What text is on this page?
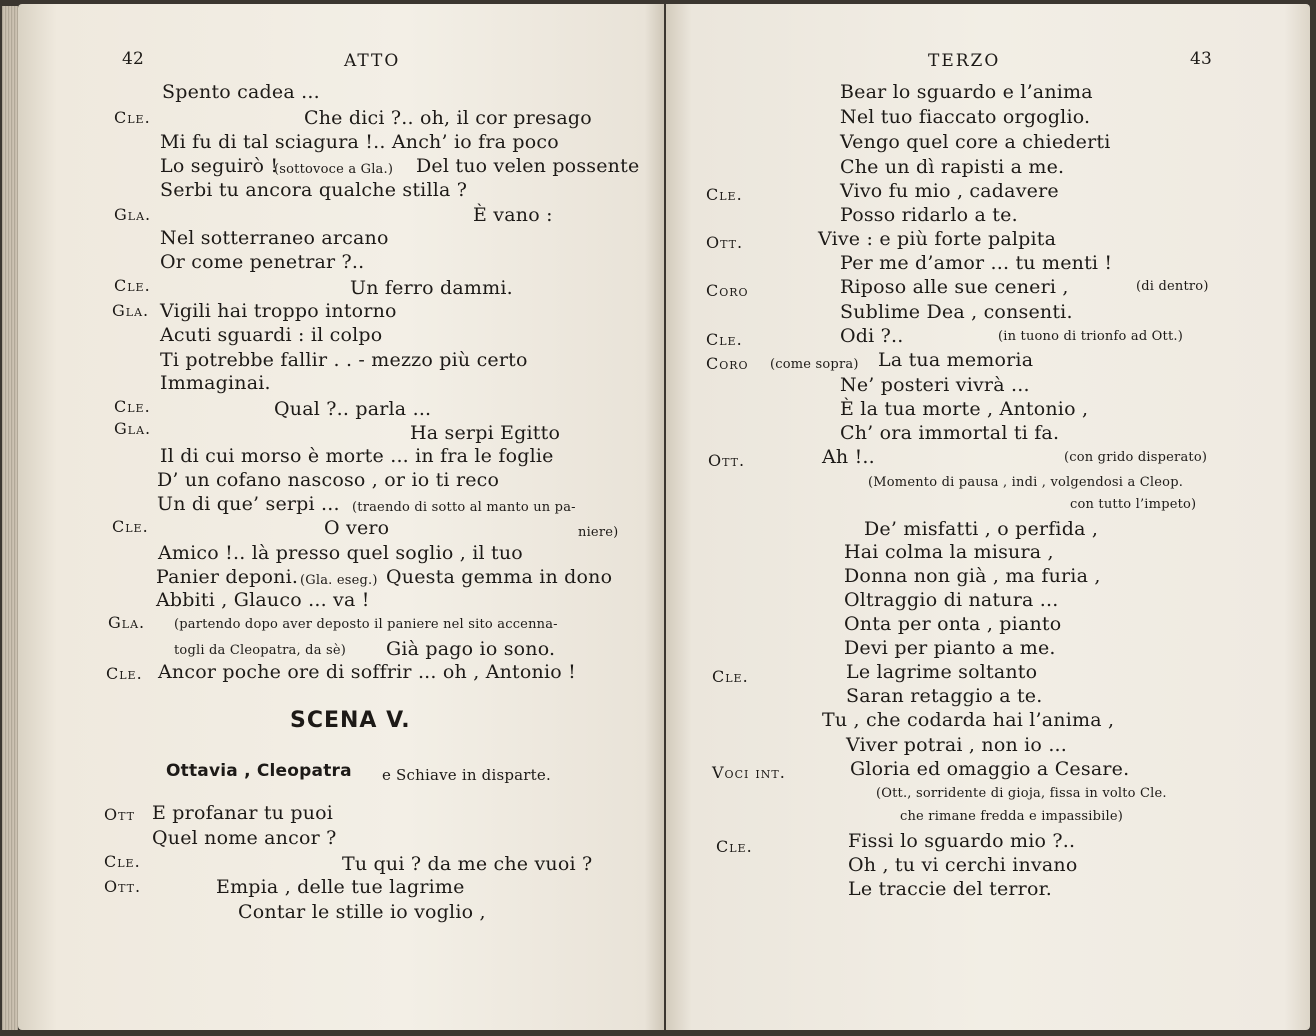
42	ATTO
Spento cadea ...
Cle.	Che dici ?.. oh, il cor presago
Mi fu di tal sciagura !.. Anch’ io fra poco
Lo seguirò !
(sottovoce a Gla.) Del tuo velen possente
Serbi tu ancora qualche stilla ?
Gla.	È vano :
Nel sotterraneo arcano
Or come penetrar ?..
Cle.	Un ferro dammi.
Gla. Vigili hai troppo intorno
Acuti sguardi : il colpo
Ti potrebbe fallir . . - mezzo più certo
Immaginai.
Cle.	Qual ?.. parla ...
Gla.	Ha serpi Egitto
Il di cui morso è morte ... in fra le foglie
D’ un cofano nascoso , or io ti reco
Un di que’ serpi ... (traendo di sotto al manto un pa-
Cle.	O vero	niere)
Amico !.. là presso quel soglio , il tuo
Panier deponi. (Gla. eseg.) Questa gemma in dono
Abbiti , Glauco ... va !
Gla. (partendo dopo aver deposto il paniere nel sito accenna-
togli da Cleopatra, da sè) Già pago io sono.
Cle. Ancor poche ore di soffrir ... oh , Antonio !
SCENA V.
Ottavia , Cleopatra e Schiave in disparte.
Ott E profanar tu puoi
Quel nome ancor ?
Cle.	Tu qui ? da me che vuoi ?
Ott.	Empia , delle tue lagrime
Contar le stille io voglio ,
TERZO	43
Bear lo sguardo e l’anima
Nel tuo fiaccato orgoglio.
Vengo quel core a chiederti
Che un dì rapisti a me.
Cle.	Vivo fu mio , cadavere
Posso ridarlo a te.
Ott.	Vive : e più forte palpita
Per me d’amor ... tu menti !
Coro	Riposo alle sue ceneri ,	(di dentro)
Sublime Dea , consenti.
Cle.	Odi ?..	(in tuono di trionfo ad Ott.)
Coro (come sopra) La tua memoria
Ne’ posteri vivrà ...
È la tua morte , Antonio ,
Ch’ ora immortal ti fa.
Ott.	Ah !..	(con grido disperato)
(Momento di pausa , indi , volgendosi a Cleop.
con tutto l’impeto)
De’ misfatti , o perfida ,
Hai colma la misura ,
Donna non già , ma furia ,
Oltraggio di natura ...
Onta per onta , pianto
Devi per pianto a me.
Cle.	Le lagrime soltanto
Saran retaggio a te.
Tu , che codarda hai l’anima ,
Viver potrai , non io ...
Voci int.	Gloria ed omaggio a Cesare.
(Ott., sorridente di gioja, fissa in volto Cle.
che rimane fredda e impassibile)
Cle.	Fissi lo sguardo mio ?..
Oh , tu vi cerchi invano
Le traccie del terror.
